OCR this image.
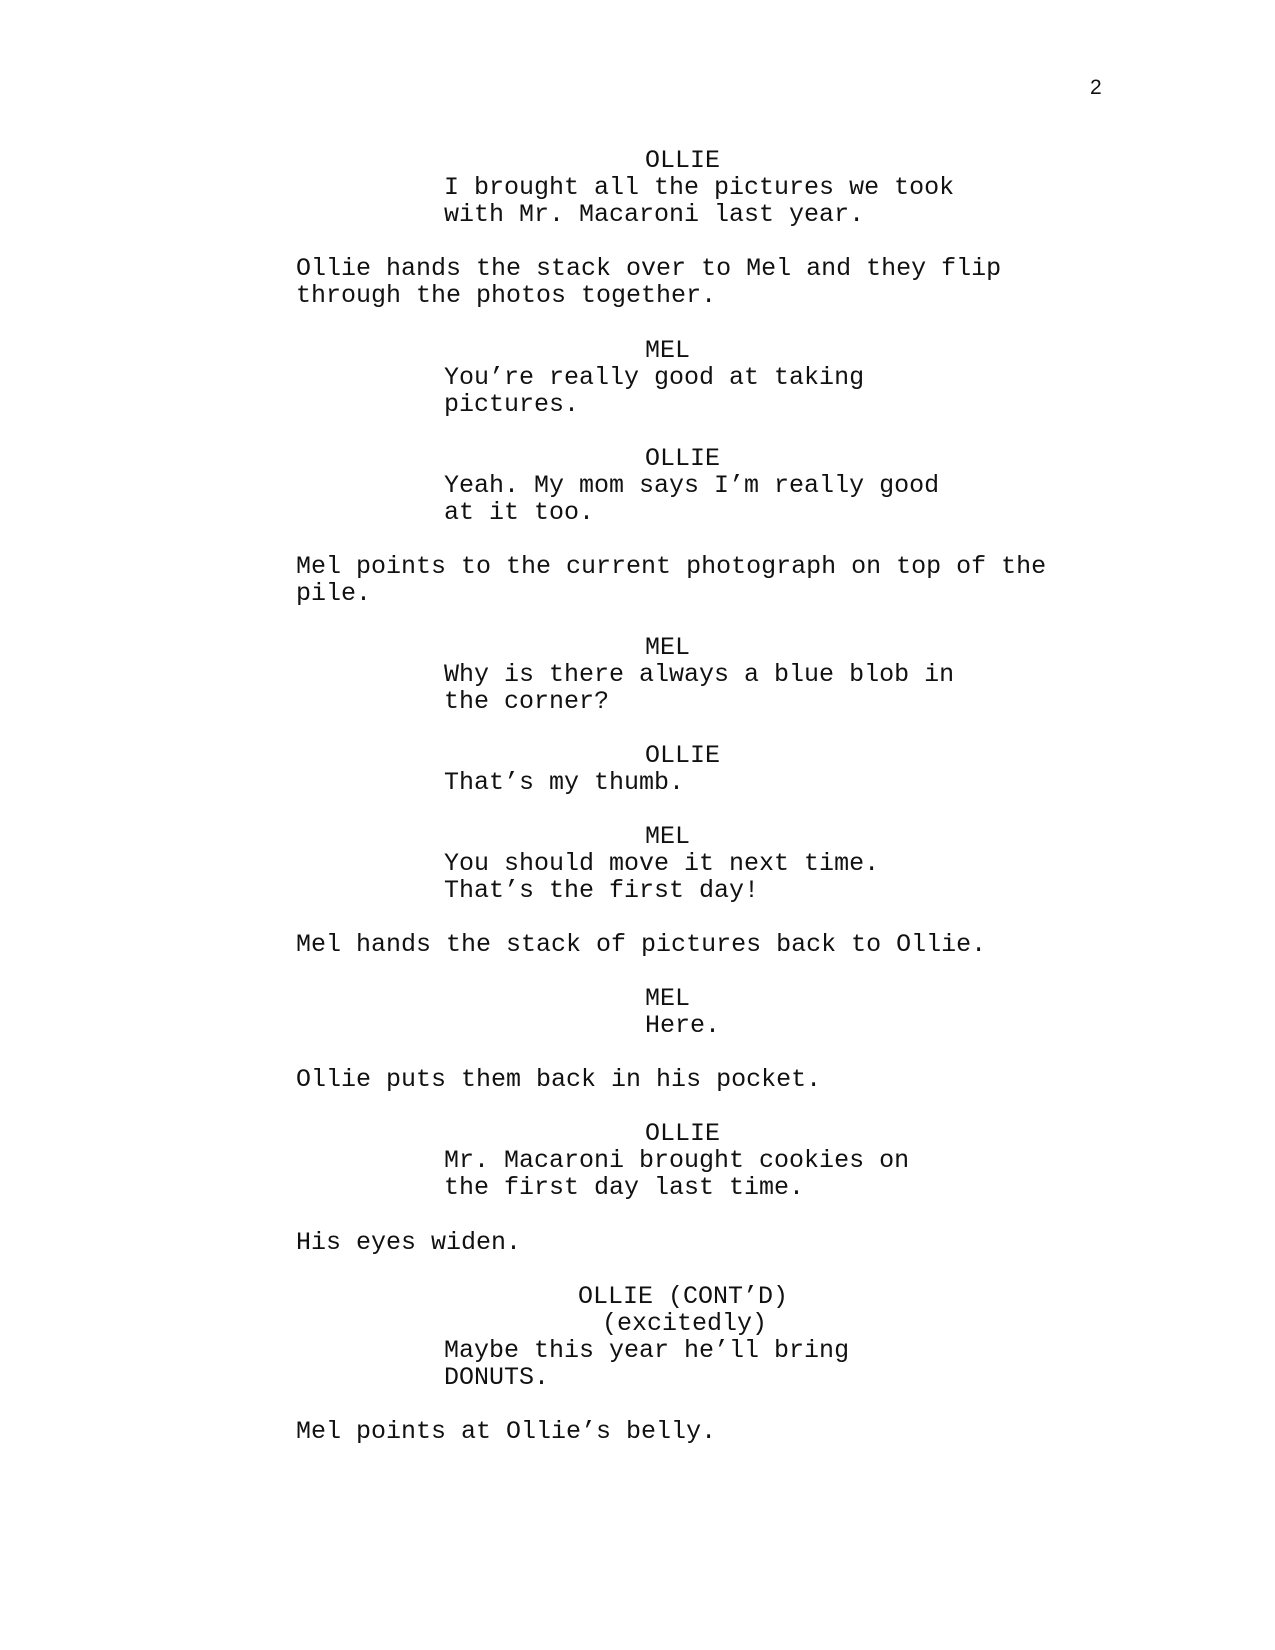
2
OLLIE
I brought all the pictures we took
with Mr. Macaroni last year.
Ollie hands the stack over to Mel and they flip
through the photos together.
MEL
You’re really good at taking
pictures.
OLLIE
Yeah. My mom says I’m really good
at it too.
Mel points to the current photograph on top of the
pile.
MEL
Why is there always a blue blob in
the corner?
OLLIE
That’s my thumb.
MEL
You should move it next time.
That’s the first day!
Mel hands the stack of pictures back to Ollie.
MEL
Here.
Ollie puts them back in his pocket.
OLLIE
Mr. Macaroni brought cookies on
the first day last time.
His eyes widen.
OLLIE (CONT’D)
(excitedly)
Maybe this year he’ll bring
DONUTS.
Mel points at Ollie’s belly.
